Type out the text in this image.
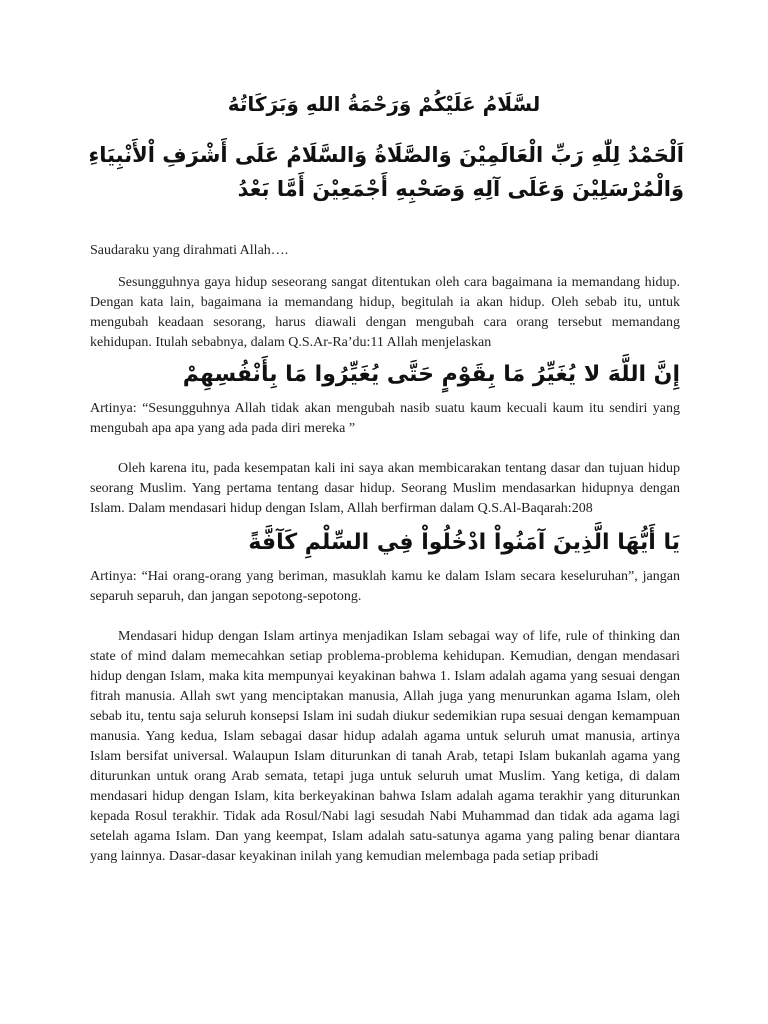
لسَّلَامُ عَلَيْكُمْ وَرَحْمَةُ اللهِ وَبَرَكَاتُهُ
اَلْحَمْدُ لِلّٰهِ رَبِّ الْعَالَمِيْنَ وَالصَّلَاةُ وَالسَّلَامُ عَلَى أَشْرَفِ اْلأَنْبِيَاءِ وَالْمُرْسَلِيْنَ وَعَلَى آلِهِ وَصَحْبِهِ أَجْمَعِيْنَ أَمَّا بَعْدُ

Saudaraku yang dirahmati Allah….

Sesungguhnya gaya hidup seseorang sangat ditentukan oleh cara bagaimana ia memandang hidup. Dengan kata lain, bagaimana ia memandang hidup, begitulah ia akan hidup. Oleh sebab itu, untuk mengubah keadaan sesorang, harus diawali dengan mengubah cara orang tersebut memandang kehidupan. Itulah sebabnya, dalam Q.S.Ar-Ra’du:11 Allah menjelaskan

إِنَّ اللَّهَ لا يُغَيِّرُ مَا بِقَوْمٍ حَتَّى يُغَيِّرُوا مَا بِأَنْفُسِهِمْ

Artinya: “Sesungguhnya Allah tidak akan mengubah nasib suatu kaum kecuali kaum itu sendiri yang mengubah apa apa yang ada pada diri mereka ”

Oleh karena itu, pada kesempatan kali ini saya akan membicarakan tentang dasar dan tujuan hidup seorang Muslim. Yang pertama tentang dasar hidup. Seorang Muslim mendasarkan hidupnya dengan Islam. Dalam mendasari hidup dengan Islam, Allah berfirman dalam Q.S.Al-Baqarah:208

يَا أَيُّهَا الَّذِينَ آمَنُواْ ادْخُلُواْ فِي السِّلْمِ كَآفَّةً

Artinya: “Hai orang-orang yang beriman, masuklah kamu ke dalam Islam secara keseluruhan”, jangan separuh separuh, dan jangan sepotong-sepotong.

Mendasari hidup dengan Islam artinya menjadikan Islam sebagai way of life, rule of thinking dan state of mind dalam memecahkan setiap problema-problema kehidupan. Kemudian, dengan mendasari hidup dengan Islam, maka kita mempunyai keyakinan bahwa 1. Islam adalah agama yang sesuai dengan fitrah manusia. Allah swt yang menciptakan manusia, Allah juga yang menurunkan agama Islam, oleh sebab itu, tentu saja seluruh konsepsi Islam ini sudah diukur sedemikian rupa sesuai dengan kemampuan manusia. Yang kedua, Islam sebagai dasar hidup adalah agama untuk seluruh umat manusia, artinya Islam bersifat universal. Walaupun Islam diturunkan di tanah Arab, tetapi Islam bukanlah agama yang diturunkan untuk orang Arab semata, tetapi juga untuk seluruh umat Muslim. Yang ketiga, di dalam mendasari hidup dengan Islam, kita berkeyakinan bahwa Islam adalah agama terakhir yang diturunkan kepada Rosul terakhir. Tidak ada Rosul/Nabi lagi sesudah Nabi Muhammad dan tidak ada agama lagi setelah agama Islam. Dan yang keempat, Islam adalah satu-satunya agama yang paling benar diantara yang lainnya. Dasar-dasar keyakinan inilah yang kemudian melembaga pada setiap pribadi
